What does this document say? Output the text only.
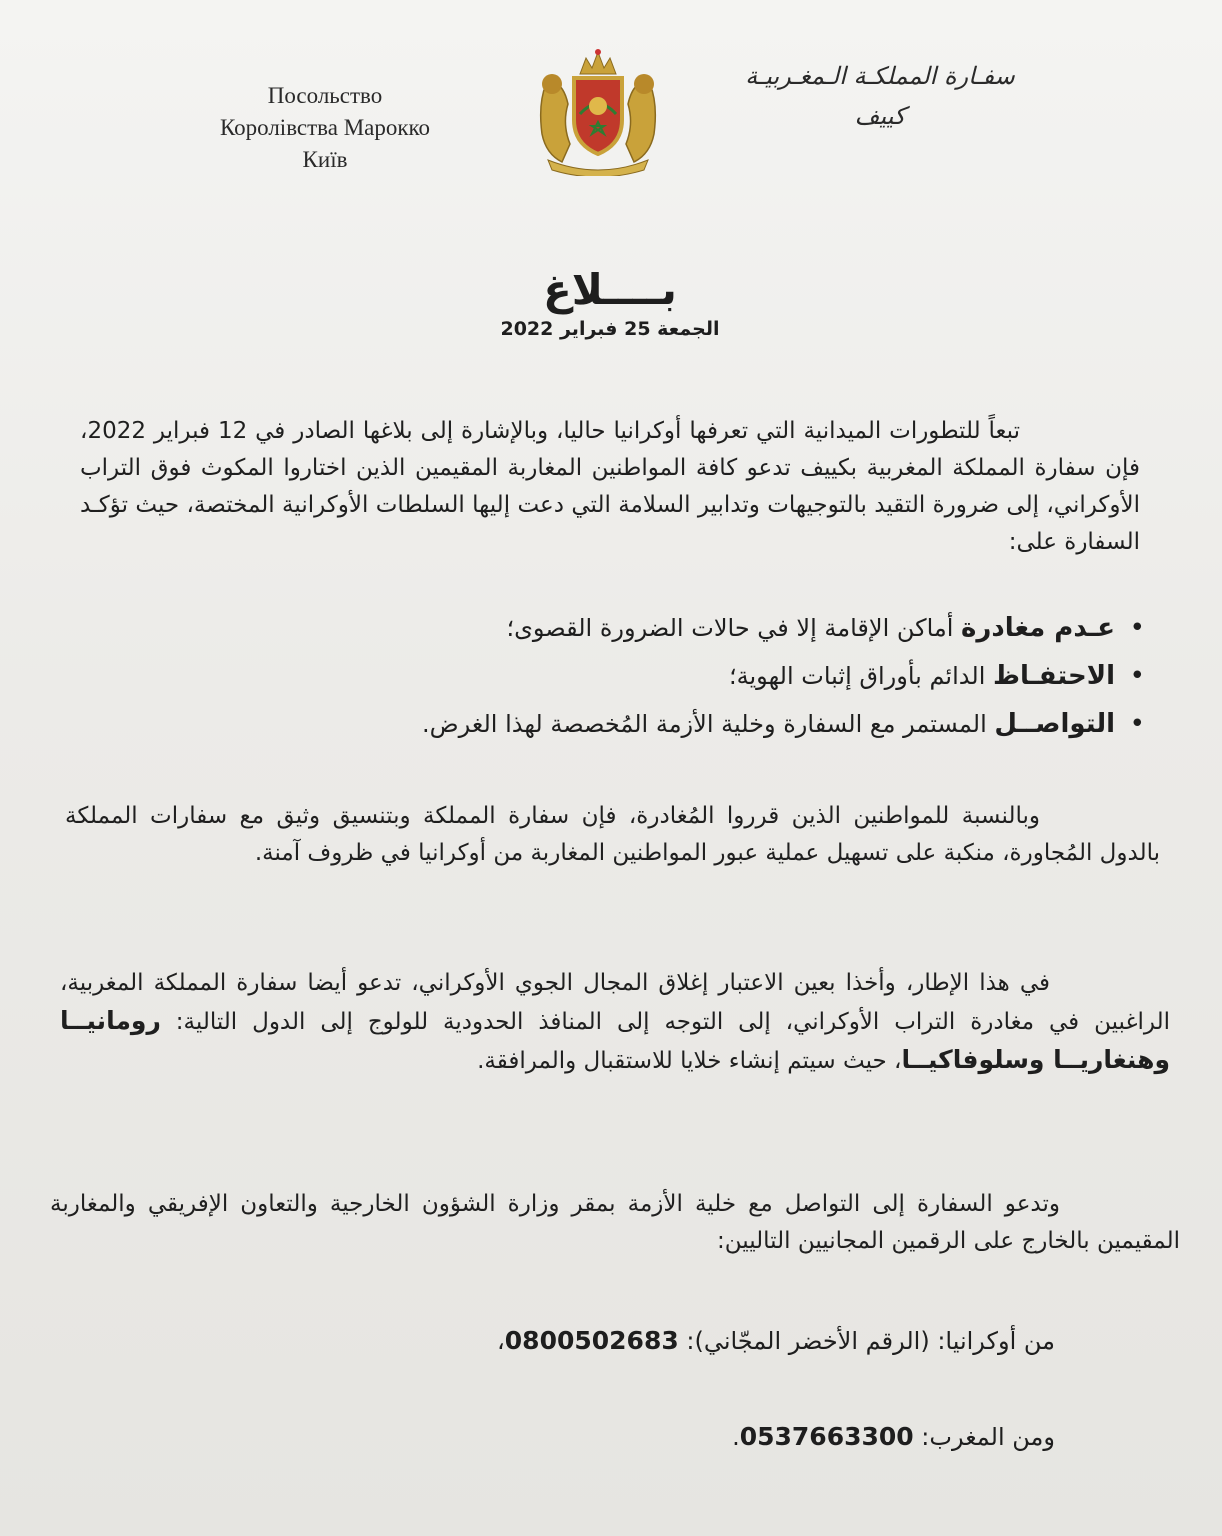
Посольство
Королівства Марокко
Київ
سفـارة المملكـة الـمغـربيـة
كييف
بــــلاغ
الجمعة 25 فبراير 2022
تبعاً للتطورات الميدانية التي تعرفها أوكرانيا حاليا، وبالإشارة إلى بلاغها الصادر في 12 فبراير 2022، فإن سفارة المملكة المغربية بكييف تدعو كافة المواطنين المغاربة المقيمين الذين اختاروا المكوث فوق التراب الأوكراني، إلى ضرورة التقيد بالتوجيهات وتدابير السلامة التي دعت إليها السلطات الأوكرانية المختصة، حيث تؤكـد السفارة على:
• عـدم مغادرة أماكن الإقامة إلا في حالات الضرورة القصوى؛
• الاحتفـاظ الدائم بأوراق إثبات الهوية؛
• التواصــل المستمر مع السفارة وخلية الأزمة المُخصصة لهذا الغرض.
وبالنسبة للمواطنين الذين قرروا المُغادرة، فإن سفارة المملكة وبتنسيق وثيق مع سفارات المملكة بالدول المُجاورة، منكبة على تسهيل عملية عبور المواطنين المغاربة من أوكرانيا في ظروف آمنة.
في هذا الإطار، وأخذا بعين الاعتبار إغلاق المجال الجوي الأوكراني، تدعو أيضا سفارة المملكة المغربية، الراغبين في مغادرة التراب الأوكراني، إلى التوجه إلى المنافذ الحدودية للولوج إلى الدول التالية: رومانيــا وهنغاريــا وسلوفاكيــا، حيث سيتم إنشاء خلايا للاستقبال والمرافقة.
وتدعو السفارة إلى التواصل مع خلية الأزمة بمقر وزارة الشؤون الخارجية والتعاون الإفريقي والمغاربة المقيمين بالخارج على الرقمين المجانيين التاليين:
من أوكرانيا: (الرقم الأخضر المجّاني): 0800502683،
ومن المغرب: 0537663300.
